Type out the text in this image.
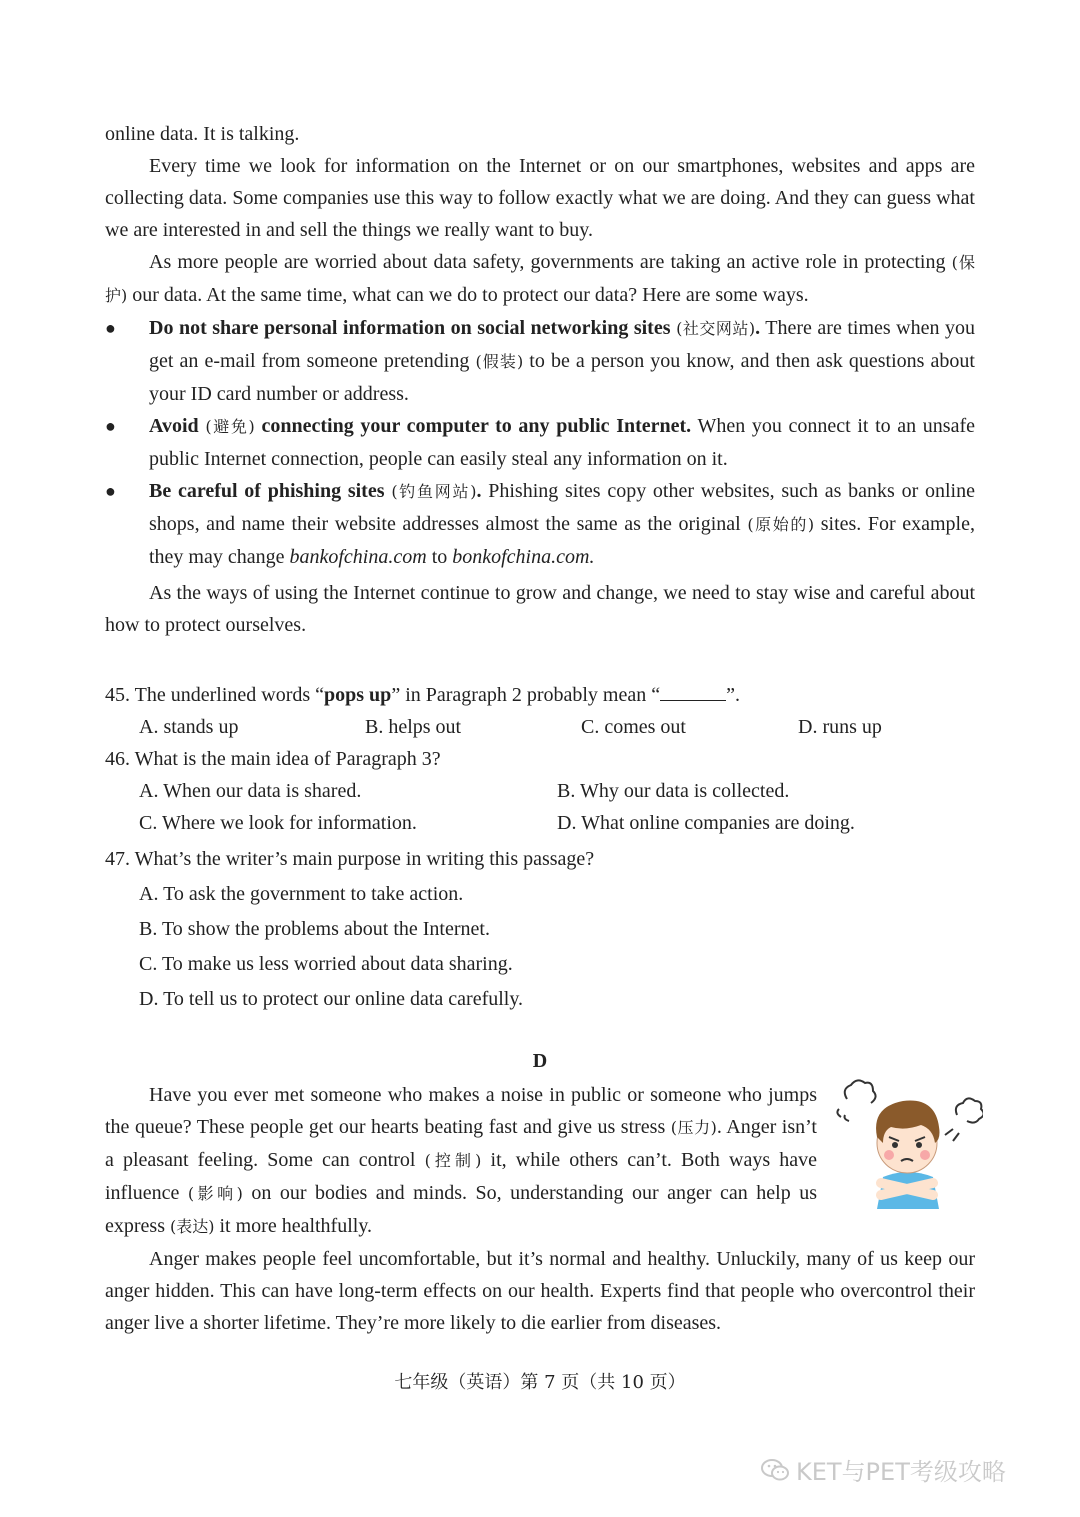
online data. It is talking.

Every time we look for information on the Internet or on our smartphones, websites and apps are collecting data. Some companies use this way to follow exactly what we are doing. And they can guess what we are interested in and sell the things we really want to buy.

As more people are worried about data safety, governments are taking an active role in protecting (保护) our data. At the same time, what can we do to protect our data? Here are some ways.

●	Do not share personal information on social networking sites (社交网站). There are times when you get an e-mail from someone pretending (假装) to be a person you know, and then ask questions about your ID card number or address.

●	Avoid (避免) connecting your computer to any public Internet. When you connect it to an unsafe public Internet connection, people can easily steal any information on it.

●	Be careful of phishing sites (钓鱼网站). Phishing sites copy other websites, such as banks or online shops, and name their website addresses almost the same as the original (原始的) sites. For example, they may change bankofchina.com to bonkofchina.com.

As the ways of using the Internet continue to grow and change, we need to stay wise and careful about how to protect ourselves.

45. The underlined words “pops up” in Paragraph 2 probably mean “	”.

A. stands up	B. helps out	C. comes out	D. runs up

46. What is the main idea of Paragraph 3?

A. When our data is shared.	B. Why our data is collected.
C. Where we look for information.	D. What online companies are doing.

47. What’s the writer’s main purpose in writing this passage?

A. To ask the government to take action.
B. To show the problems about the Internet.
C. To make us less worried about data sharing.
D. To tell us to protect our online data carefully.
D

Have you ever met someone who makes a noise in public or someone who jumps the queue? These people get our hearts beating fast and give us stress (压力). Anger isn’t a pleasant feeling. Some can control (控制) it, while others can’t. Both ways have influence (影响) on our bodies and minds. So, understanding our anger can help us express (表达) it more healthfully.

Anger makes people feel uncomfortable, but it’s normal and healthy. Unluckily, many of us keep our anger hidden. This can have long-term effects on our health. Experts find that people who overcontrol their anger live a shorter lifetime. They’re more likely to die earlier from diseases.

七年级（英语）第 7 页（共 10 页）
KET与PET考级攻略
